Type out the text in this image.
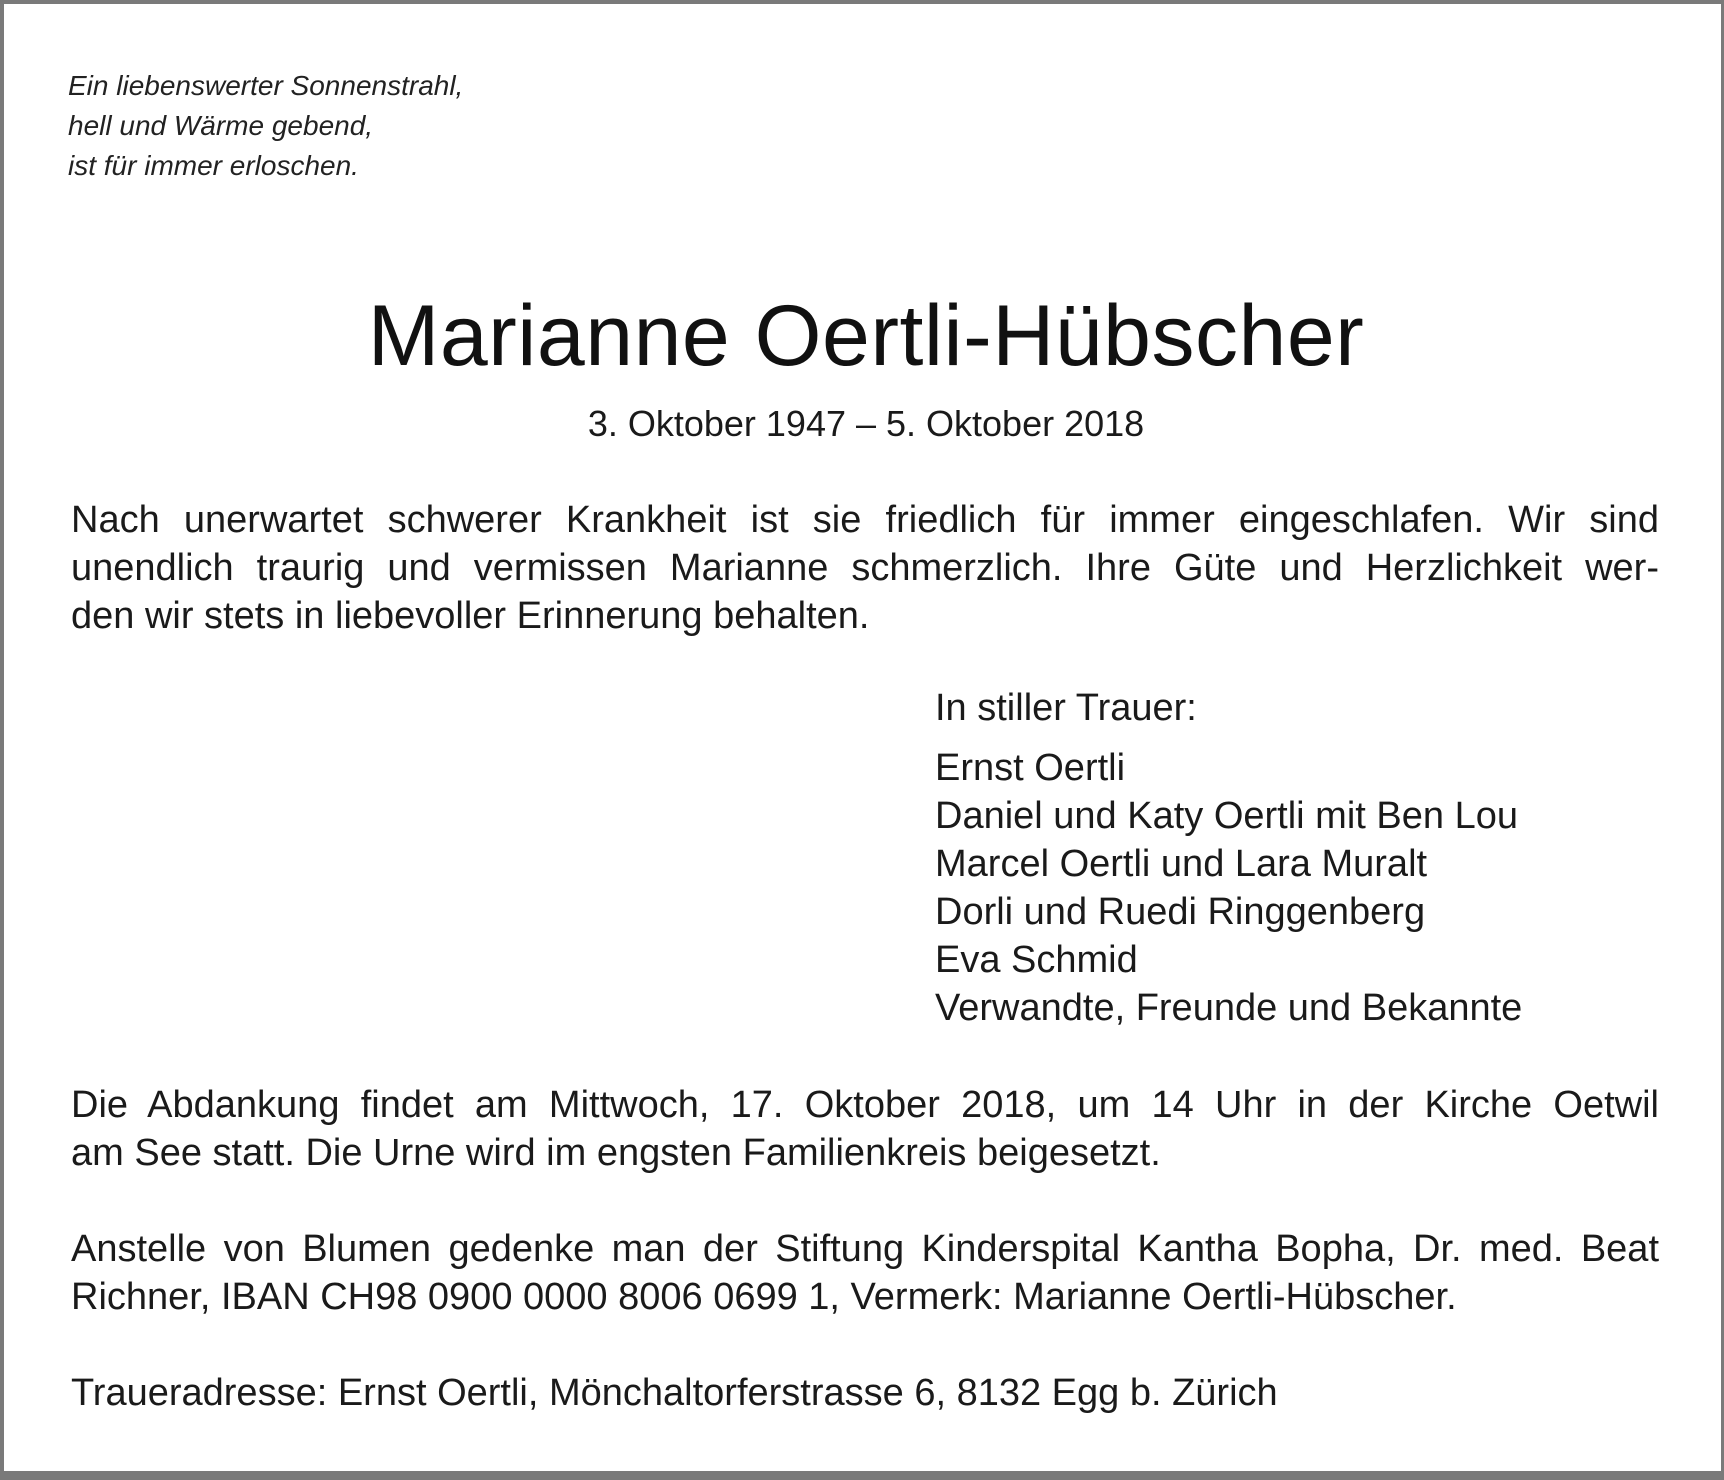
Ein liebenswerter Sonnenstrahl,
hell und Wärme gebend,
ist für immer erloschen.
Marianne Oertli-Hübscher
3. Oktober 1947 – 5. Oktober 2018
Nach unerwartet schwerer Krankheit ist sie friedlich für immer eingeschlafen. Wir sind
unendlich traurig und vermissen Marianne schmerzlich. Ihre Güte und Herzlichkeit wer-
den wir stets in liebevoller Erinnerung behalten.
In stiller Trauer:
Ernst Oertli
Daniel und Katy Oertli mit Ben Lou
Marcel Oertli und Lara Muralt
Dorli und Ruedi Ringgenberg
Eva Schmid
Verwandte, Freunde und Bekannte
Die Abdankung findet am Mittwoch, 17. Oktober 2018, um 14 Uhr in der Kirche Oetwil
am See statt. Die Urne wird im engsten Familienkreis beigesetzt.
Anstelle von Blumen gedenke man der Stiftung Kinderspital Kantha Bopha, Dr. med. Beat
Richner, IBAN CH98 0900 0000 8006 0699 1, Vermerk: Marianne Oertli-Hübscher.
Traueradresse: Ernst Oertli, Mönchaltorferstrasse 6, 8132 Egg b. Zürich
